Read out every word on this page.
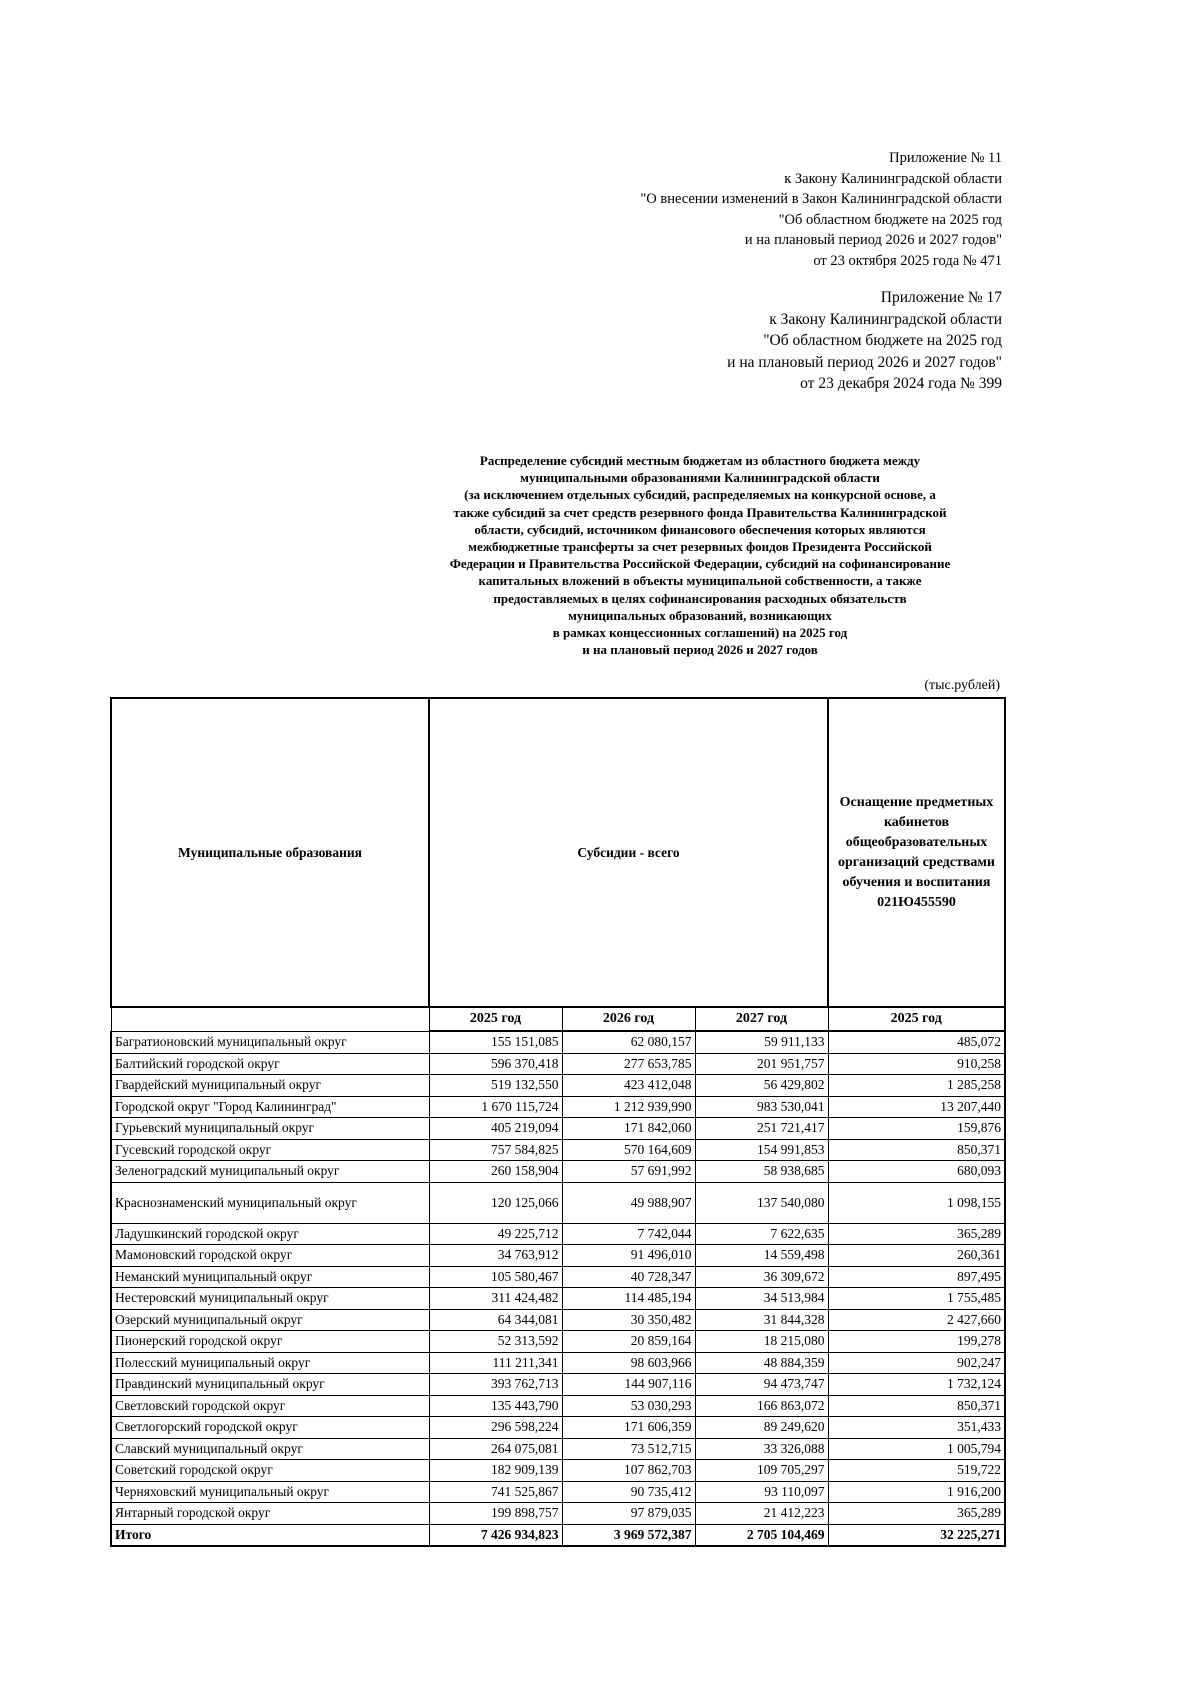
Приложение № 11
к Закону Калининградской области
"О внесении изменений в Закон Калининградской области
"Об областном бюджете на 2025 год
и на плановый период 2026 и 2027 годов"
от 23 октября 2025 года № 471
Приложение № 17
к Закону Калининградской области
"Об областном бюджете на 2025 год
и на плановый период 2026 и 2027 годов"
от 23 декабря 2024 года № 399
Распределение субсидий местным бюджетам из областного бюджета между
муниципальными образованиями Калининградской области
(за исключением отдельных субсидий, распределяемых на конкурсной основе, а
также субсидий за счет средств резервного фонда Правительства Калининградской
области, субсидий, источником финансового обеспечения которых являются
межбюджетные трансферты за счет резервных фондов Президента Российской
Федерации и Правительства Российской Федерации, субсидий на софинансирование
капитальных вложений в объекты муниципальной собственности, а также
предоставляемых в целях софинансирования расходных обязательств
муниципальных образований, возникающих
в рамках концессионных соглашений) на 2025 год
и на плановый период 2026 и 2027 годов
(тыс.рублей)
Муниципальные образования	Субсидии - всего			Оснащение предметных кабинетов общеобразовательных организаций средствами обучения и воспитания 021Ю455590
	2025 год	2026 год	2027 год	2025 год
Багратионовский муниципальный округ	155 151,085	62 080,157	59 911,133	485,072
Балтийский городской округ	596 370,418	277 653,785	201 951,757	910,258
Гвардейский муниципальный округ	519 132,550	423 412,048	56 429,802	1 285,258
Городской округ "Город Калининград"	1 670 115,724	1 212 939,990	983 530,041	13 207,440
Гурьевский муниципальный округ	405 219,094	171 842,060	251 721,417	159,876
Гусевский городской округ	757 584,825	570 164,609	154 991,853	850,371
Зеленоградский муниципальный округ	260 158,904	57 691,992	58 938,685	680,093
Краснознаменский муниципальный округ	120 125,066	49 988,907	137 540,080	1 098,155
Ладушкинский городской округ	49 225,712	7 742,044	7 622,635	365,289
Мамоновский городской округ	34 763,912	91 496,010	14 559,498	260,361
Неманский муниципальный округ	105 580,467	40 728,347	36 309,672	897,495
Нестеровский муниципальный округ	311 424,482	114 485,194	34 513,984	1 755,485
Озерский муниципальный округ	64 344,081	30 350,482	31 844,328	2 427,660
Пионерский городской округ	52 313,592	20 859,164	18 215,080	199,278
Полесский муниципальный округ	111 211,341	98 603,966	48 884,359	902,247
Правдинский муниципальный округ	393 762,713	144 907,116	94 473,747	1 732,124
Светловский городской округ	135 443,790	53 030,293	166 863,072	850,371
Светлогорский городской округ	296 598,224	171 606,359	89 249,620	351,433
Славский муниципальный округ	264 075,081	73 512,715	33 326,088	1 005,794
Советский городской округ	182 909,139	107 862,703	109 705,297	519,722
Черняховский муниципальный округ	741 525,867	90 735,412	93 110,097	1 916,200
Янтарный городской округ	199 898,757	97 879,035	21 412,223	365,289
Итого	7 426 934,823	3 969 572,387	2 705 104,469	32 225,271
